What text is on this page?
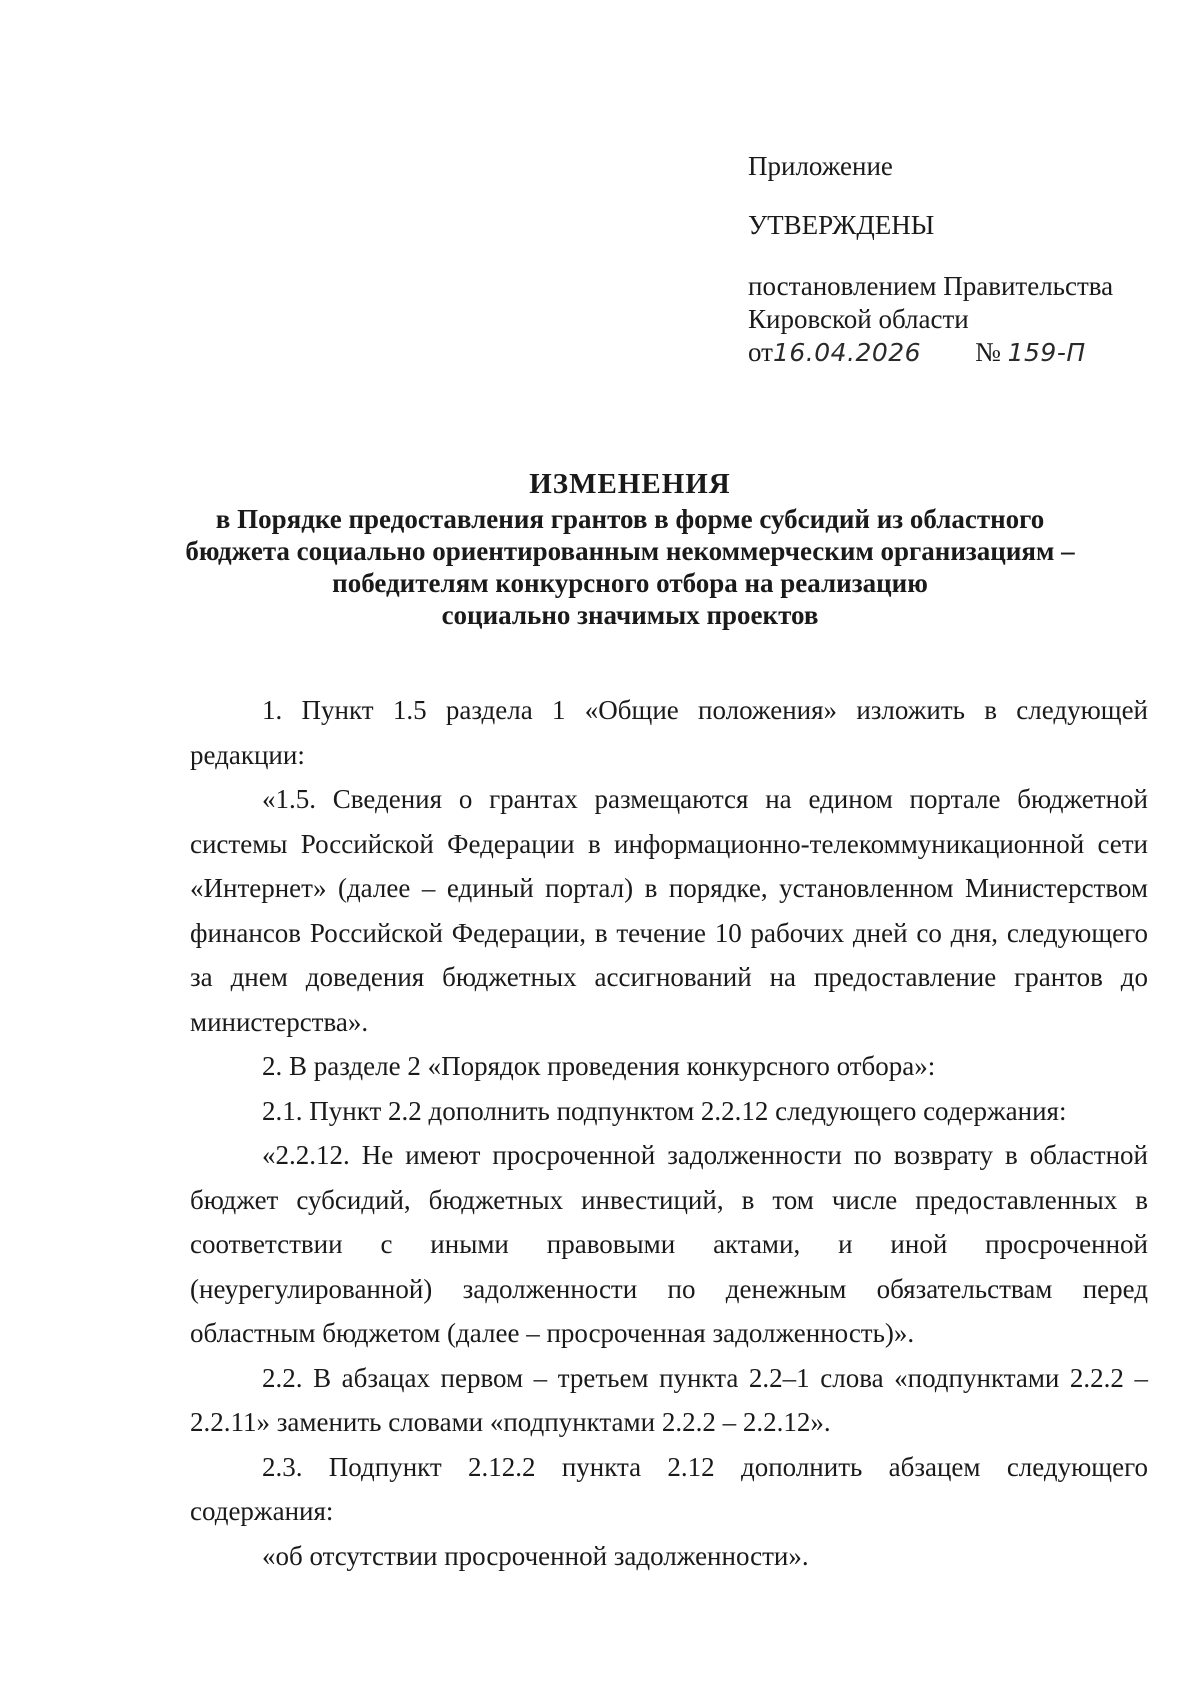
Приложение
УТВЕРЖДЕНЫ
постановлением Правительства
Кировской области
от16.04.2026 № 159-П
ИЗМЕНЕНИЯ
в Порядке предоставления грантов в форме субсидий из областного
бюджета социально ориентированным некоммерческим организациям –
победителям конкурсного отбора на реализацию
социально значимых проектов

1. Пункт 1.5 раздела 1 «Общие положения» изложить в следующей редакции:

«1.5. Сведения о грантах размещаются на едином портале бюджетной системы Российской Федерации в информационно-телекоммуникационной сети «Интернет» (далее – единый портал) в порядке, установленном Министерством финансов Российской Федерации, в течение 10 рабочих дней со дня, следующего за днем доведения бюджетных ассигнований на предоставление грантов до министерства».

2. В разделе 2 «Порядок проведения конкурсного отбора»:

2.1. Пункт 2.2 дополнить подпунктом 2.2.12 следующего содержания:

«2.2.12. Не имеют просроченной задолженности по возврату в областной бюджет субсидий, бюджетных инвестиций, в том числе предоставленных в соответствии с иными правовыми актами, и иной просроченной (неурегулированной) задолженности по денежным обязательствам перед областным бюджетом (далее – просроченная задолженность)».

2.2. В абзацах первом – третьем пункта 2.2–1 слова «подпунктами 2.2.2 – 2.2.11» заменить словами «подпунктами 2.2.2 – 2.2.12».

2.3. Подпункт 2.12.2 пункта 2.12 дополнить абзацем следующего содержания:

«об отсутствии просроченной задолженности».
